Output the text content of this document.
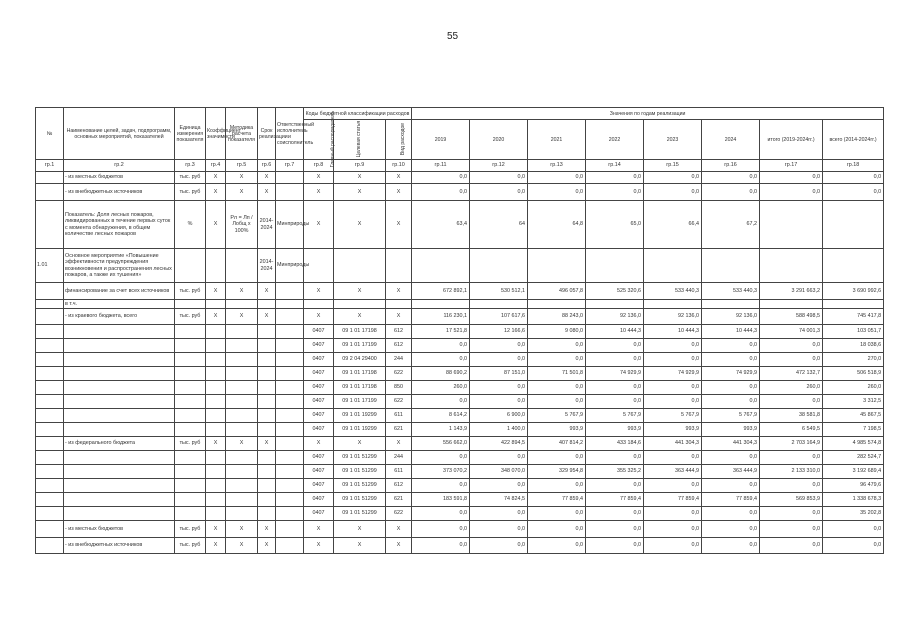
55
№	Наименование целей, задач, подпрограмм, основных мероприятий, показателей	Единица измерения показателя	Коэффициент значимости	Методика расчета показателя	Срок реализации	Ответственный исполнитель и соисполнитель	Коды бюджетной классификации расходов			Значения по годам реализации							
							Главный распорядитель	Целевая статья	Вид расходов	2019	2020	2021	2022	2023	2024	итого (2019-2024гг.)	всего (2014-2024гг.)
гр.1	гр.2	гр.3	гр.4	гр.5	гр.6	гр.7	гр.8	гр.9	гр.10	гр.11	гр.12	гр.13	гр.14	гр.15	гр.16	гр.17	гр.18
	- из местных бюджетов	тыс. руб	X	X	X		X	X	X	0,0	0,0	0,0	0,0	0,0	0,0	0,0	0,0
	- из внебюджетных источников	тыс. руб	X	X	X		X	X	X	0,0	0,0	0,0	0,0	0,0	0,0	0,0	0,0
	Показатель: Доля лесных пожаров, ликвидированных в течение первых суток с момента обнаружения, в общем количестве лесных пожаров	%	X	Pл = Лп / Лобщ x 100%	2014-2024	Минприроды	X	X	X	63,4	64	64,8	65,0	66,4	67,2		
1.01	Основное мероприятие «Повышение эффективности предупреждения возникновения и распространения лесных пожаров, а также их тушения»				2014-2024	Минприроды											
	финансирование за счет всех источников	тыс. руб	X	X	X		X	X	X	672 892,1	530 512,1	496 057,8	525 320,6	533 440,3	533 440,3	3 291 663,2	3 690 992,6
	в т.ч.																
	- из краевого бюджета, всего	тыс. руб	X	X	X		X	X	X	116 230,1	107 617,6	88 243,0	92 136,0	92 136,0	92 136,0	588 498,5	745 417,8
							0407	09 1 01 17198	612	17 521,8	12 166,6	9 080,0	10 444,3	10 444,3	10 444,3	74 001,3	103 051,7
							0407	09 1 01 17199	612	0,0	0,0	0,0	0,0	0,0	0,0	0,0	18 038,6
							0407	09 2 04 29400	244	0,0	0,0	0,0	0,0	0,0	0,0	0,0	270,0
							0407	09 1 01 17198	622	88 690,2	87 151,0	71 501,8	74 929,9	74 929,9	74 929,9	472 132,7	506 518,9
							0407	09 1 01 17198	850	260,0	0,0	0,0	0,0	0,0	0,0	260,0	260,0
							0407	09 1 01 17199	622	0,0	0,0	0,0	0,0	0,0	0,0	0,0	3 312,5
							0407	09 1 01 19299	611	8 614,2	6 900,0	5 767,9	5 767,9	5 767,9	5 767,9	38 581,8	45 867,5
							0407	09 1 01 19299	621	1 143,9	1 400,0	993,9	993,9	993,9	993,9	6 549,5	7 198,5
	- из федерального бюджета	тыс. руб	X	X	X		X	X	X	556 662,0	422 894,5	407 814,2	433 184,6	441 304,3	441 304,3	2 703 164,9	4 985 574,8
							0407	09 1 01 51299	244	0,0	0,0	0,0	0,0	0,0	0,0	0,0	282 524,7
							0407	09 1 01 51299	611	373 070,2	348 070,0	329 954,8	355 325,2	363 444,9	363 444,9	2 133 310,0	3 192 689,4
							0407	09 1 01 51299	612	0,0	0,0	0,0	0,0	0,0	0,0	0,0	96 479,6
							0407	09 1 01 51299	621	183 591,8	74 824,5	77 859,4	77 859,4	77 859,4	77 859,4	569 853,9	1 338 678,3
							0407	09 1 01 51299	622	0,0	0,0	0,0	0,0	0,0	0,0	0,0	35 202,8
	- из местных бюджетов	тыс. руб	X	X	X		X	X	X	0,0	0,0	0,0	0,0	0,0	0,0	0,0	0,0
	- из внебюджетных источников	тыс. руб	X	X	X		X	X	X	0,0	0,0	0,0	0,0	0,0	0,0	0,0	0,0
